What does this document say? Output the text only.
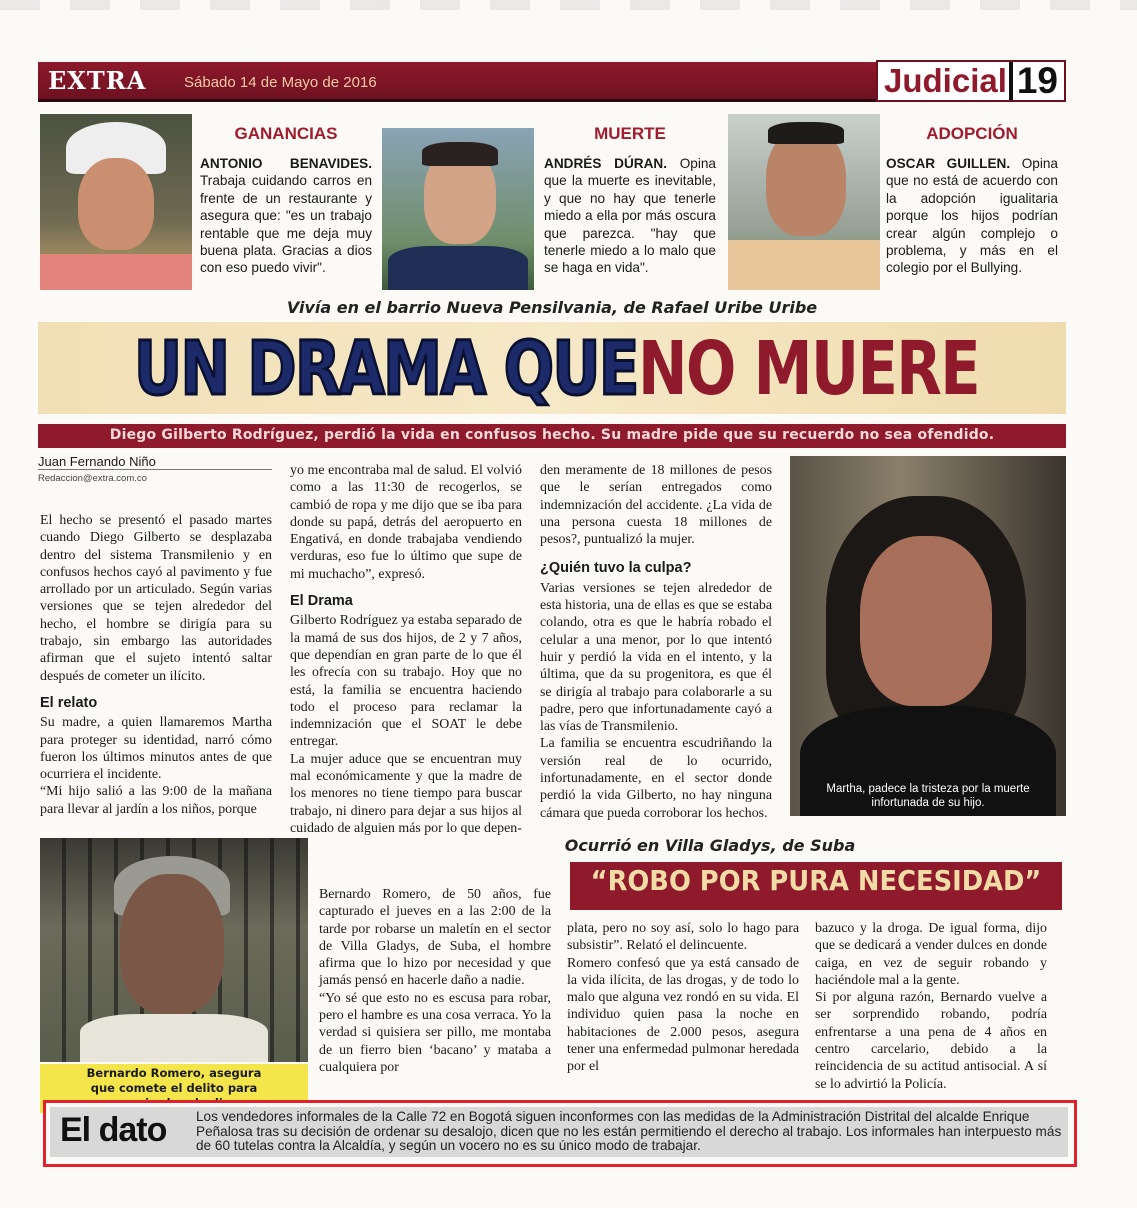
EXTRA	Sábado 14 de Mayo de 2016	Judicial 19
GANANCIAS
ANTONIO BENAVIDES. Trabaja cuidando carros en frente de un restaurante y asegura que: "es un trabajo rentable que me deja muy buena plata. Gracias a dios con eso puedo vivir".
MUERTE
ANDRÉS DÚRAN. Opina que la muerte es inevitable, y que no hay que tenerle miedo a ella por más oscura que parezca. "hay que tenerle miedo a lo malo que se haga en vida".
ADOPCIÓN
OSCAR GUILLEN. Opina que no está de acuerdo con la adopción igualitaria porque los hijos podrían crear algún complejo o problema, y más en el colegio por el Bullying.
Vivía en el barrio Nueva Pensilvania, de Rafael Uribe Uribe
UN DRAMA QUE NO MUERE
Diego Gilberto Rodríguez, perdió la vida en confusos hecho. Su madre pide que su recuerdo no sea ofendido.
Juan Fernando Niño
Redaccion@extra.com.co

El hecho se presentó el pasado martes cuando Diego Gilberto se desplazaba dentro del sistema Transmilenio y en confusos hechos cayó al pavimento y fue arrollado por un articulado. Según varias versiones que se tejen alrededor del hecho, el hombre se dirigía para su trabajo, sin embargo las autoridades afirman que el sujeto intentó saltar después de cometer un ilícito.

El relato

Su madre, a quien llamaremos Martha para proteger su identidad, narró cómo fueron los últimos minutos antes de que ocurriera el incidente.

“Mi hijo salió a las 9:00 de la mañana para llevar al jardín a los niños, porque

yo me encontraba mal de salud. El volvió como a las 11:30 de recogerlos, se cambió de ropa y me dijo que se iba para donde su papá, detrás del aeropuerto en Engativá, en donde trabajaba vendiendo verduras, eso fue lo último que supe de mi muchacho”, expresó.

El Drama

Gilberto Rodríguez ya estaba separado de la mamá de sus dos hijos, de 2 y 7 años, que dependían en gran parte de lo que él les ofrecía con su trabajo. Hoy que no está, la familia se encuentra haciendo todo el proceso para reclamar la indemnización que el SOAT le debe entregar.

La mujer aduce que se encuentran muy mal económicamente y que la madre de los menores no tiene tiempo para buscar trabajo, ni dinero para dejar a sus hijos al cuidado de alguien más por lo que depen-

den meramente de 18 millones de pesos que le serían entregados como indemnización del accidente. ¿La vida de una persona cuesta 18 millones de pesos?, puntualizó la mujer.

¿Quién tuvo la culpa?

Varias versiones se tejen alrededor de esta historia, una de ellas es que se estaba colando, otra es que le habría robado el celular a una menor, por lo que intentó huir y perdió la vida en el intento, y la última, que da su progenitora, es que él se dirigía al trabajo para colaborarle a su padre, pero que infortunadamente cayó a las vías de Transmilenio.

La familia se encuentra escudriñando la versión real de lo ocurrido, infortunadamente, en el sector donde perdió la vida Gilberto, no hay ninguna cámara que pueda corroborar los hechos.

Martha, padece la tristeza por la muerte infortunada de su hijo.
Ocurrió en Villa Gladys, de Suba
Bernardo Romero, asegura que comete el delito para

Bernardo Romero, de 50 años, fue capturado el jueves en a las 2:00 de la tarde por robarse un maletín en el sector de Villa Gladys, de Suba, el hombre afirma que lo hizo por necesidad y que jamás pensó en hacerle daño a nadie.

“Yo sé que esto no es escusa para robar, pero el hambre es una cosa verraca. Yo la verdad si quisiera ser pillo, me montaba de un fierro bien ‘bacano’ y mataba a cualquiera por

“ROBO POR PURA NECESIDAD”

plata, pero no soy así, solo lo hago para subsistir”. Relató el delincuente.

Romero confesó que ya está cansado de la vida ilícita, de las drogas, y de todo lo malo que alguna vez rondó en su vida. El individuo quien pasa la noche en habitaciones de 2.000 pesos, asegura tener una enfermedad pulmonar heredada por el

bazuco y la droga. De igual forma, dijo que se dedicará a vender dulces en donde caiga, en vez de seguir robando y haciéndole mal a la gente.

Si por alguna razón, Bernardo vuelve a ser sorprendido robando, podría enfrentarse a una pena de 4 años en centro carcelario, debido a la reincidencia de su actitud antisocial. A sí se lo advirtió la Policía.

El dato Los vendedores informales de la Calle 72 en Bogotá siguen inconformes con las medidas de la Administración Distrital del alcalde Enrique Peñalosa tras su decisión de ordenar su desalojo, dicen que no les están permitiendo el derecho al trabajo. Los informales han interpuesto más de 60 tutelas contra la Alcaldía, y según un vocero no es su único modo de trabajar.
